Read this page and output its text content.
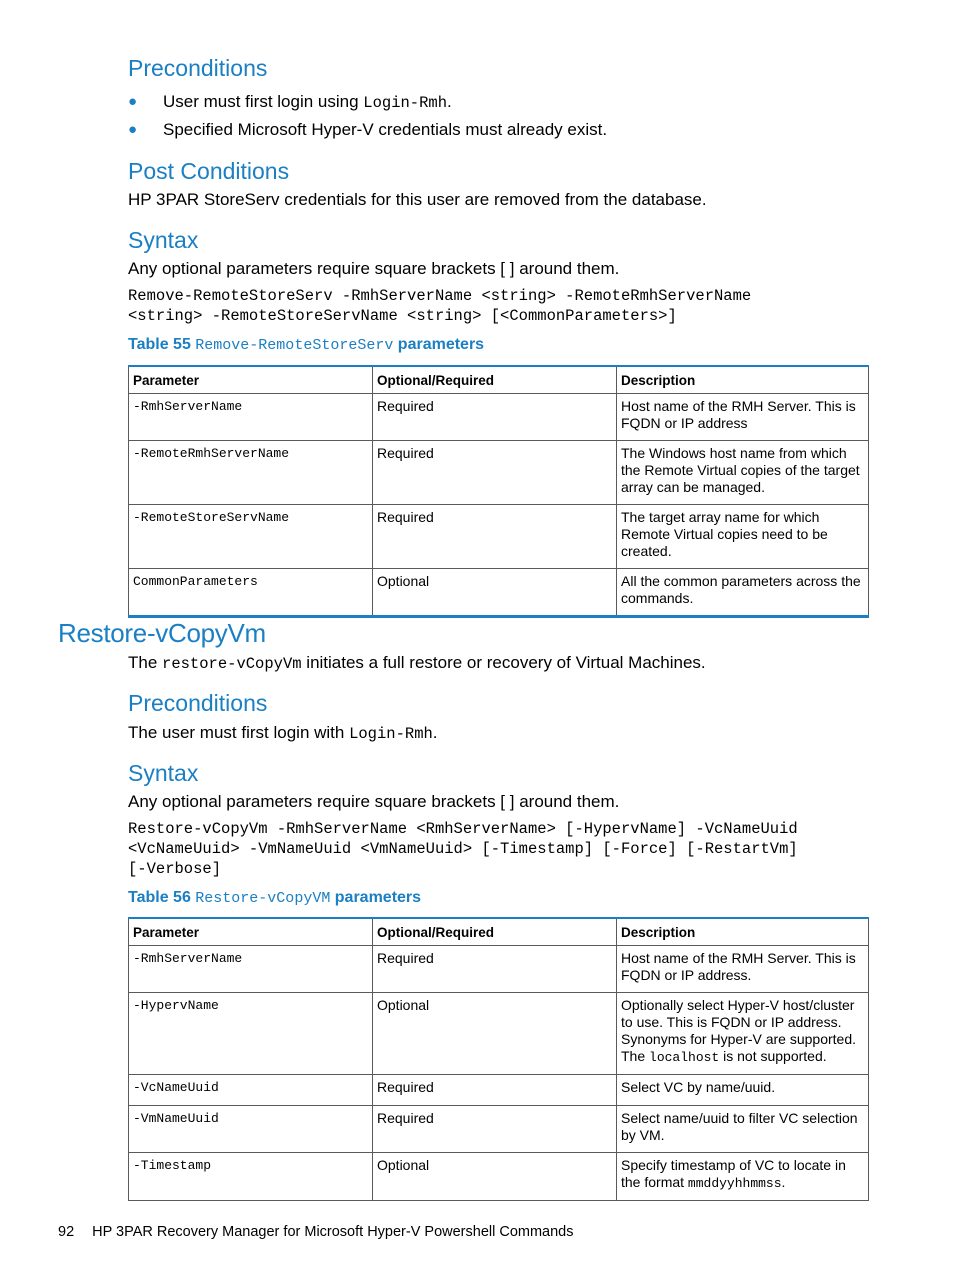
Preconditions
● User must first login using Login-Rmh.
● Specified Microsoft Hyper-V credentials must already exist.
Post Conditions
HP 3PAR StoreServ credentials for this user are removed from the database.
Syntax
Any optional parameters require square brackets [ ] around them.
Remove-RemoteStoreServ -RmhServerName <string> -RemoteRmhServerName
<string> -RemoteStoreServName <string> [<CommonParameters>]
Table 55 Remove-RemoteStoreServ parameters
Parameter	Optional/Required	Description
-RmhServerName	Required	Host name of the RMH Server. This is FQDN or IP address
-RemoteRmhServerName	Required	The Windows host name from which the Remote Virtual copies of the target array can be managed.
-RemoteStoreServName	Required	The target array name for which Remote Virtual copies need to be created.
CommonParameters	Optional	All the common parameters across the commands.
Restore-vCopyVm
The restore-vCopyVm initiates a full restore or recovery of Virtual Machines.
Preconditions
The user must first login with Login-Rmh.
Syntax
Any optional parameters require square brackets [ ] around them.
Restore-vCopyVm -RmhServerName <RmhServerName> [-HypervName] -VcNameUuid
<VcNameUuid> -VmNameUuid <VmNameUuid> [-Timestamp] [-Force] [-RestartVm]
[-Verbose]
Table 56 Restore-vCopyVM parameters
Parameter	Optional/Required	Description
-RmhServerName	Required	Host name of the RMH Server. This is FQDN or IP address.
-HypervName	Optional	Optionally select Hyper-V host/cluster to use. This is FQDN or IP address. Synonyms for Hyper-V are supported. The localhost is not supported.
-VcNameUuid	Required	Select VC by name/uuid.
-VmNameUuid	Required	Select name/uuid to filter VC selection by VM.
-Timestamp	Optional	Specify timestamp of VC to locate in the format mmddyyhhmmss.
92 HP 3PAR Recovery Manager for Microsoft Hyper-V Powershell Commands
